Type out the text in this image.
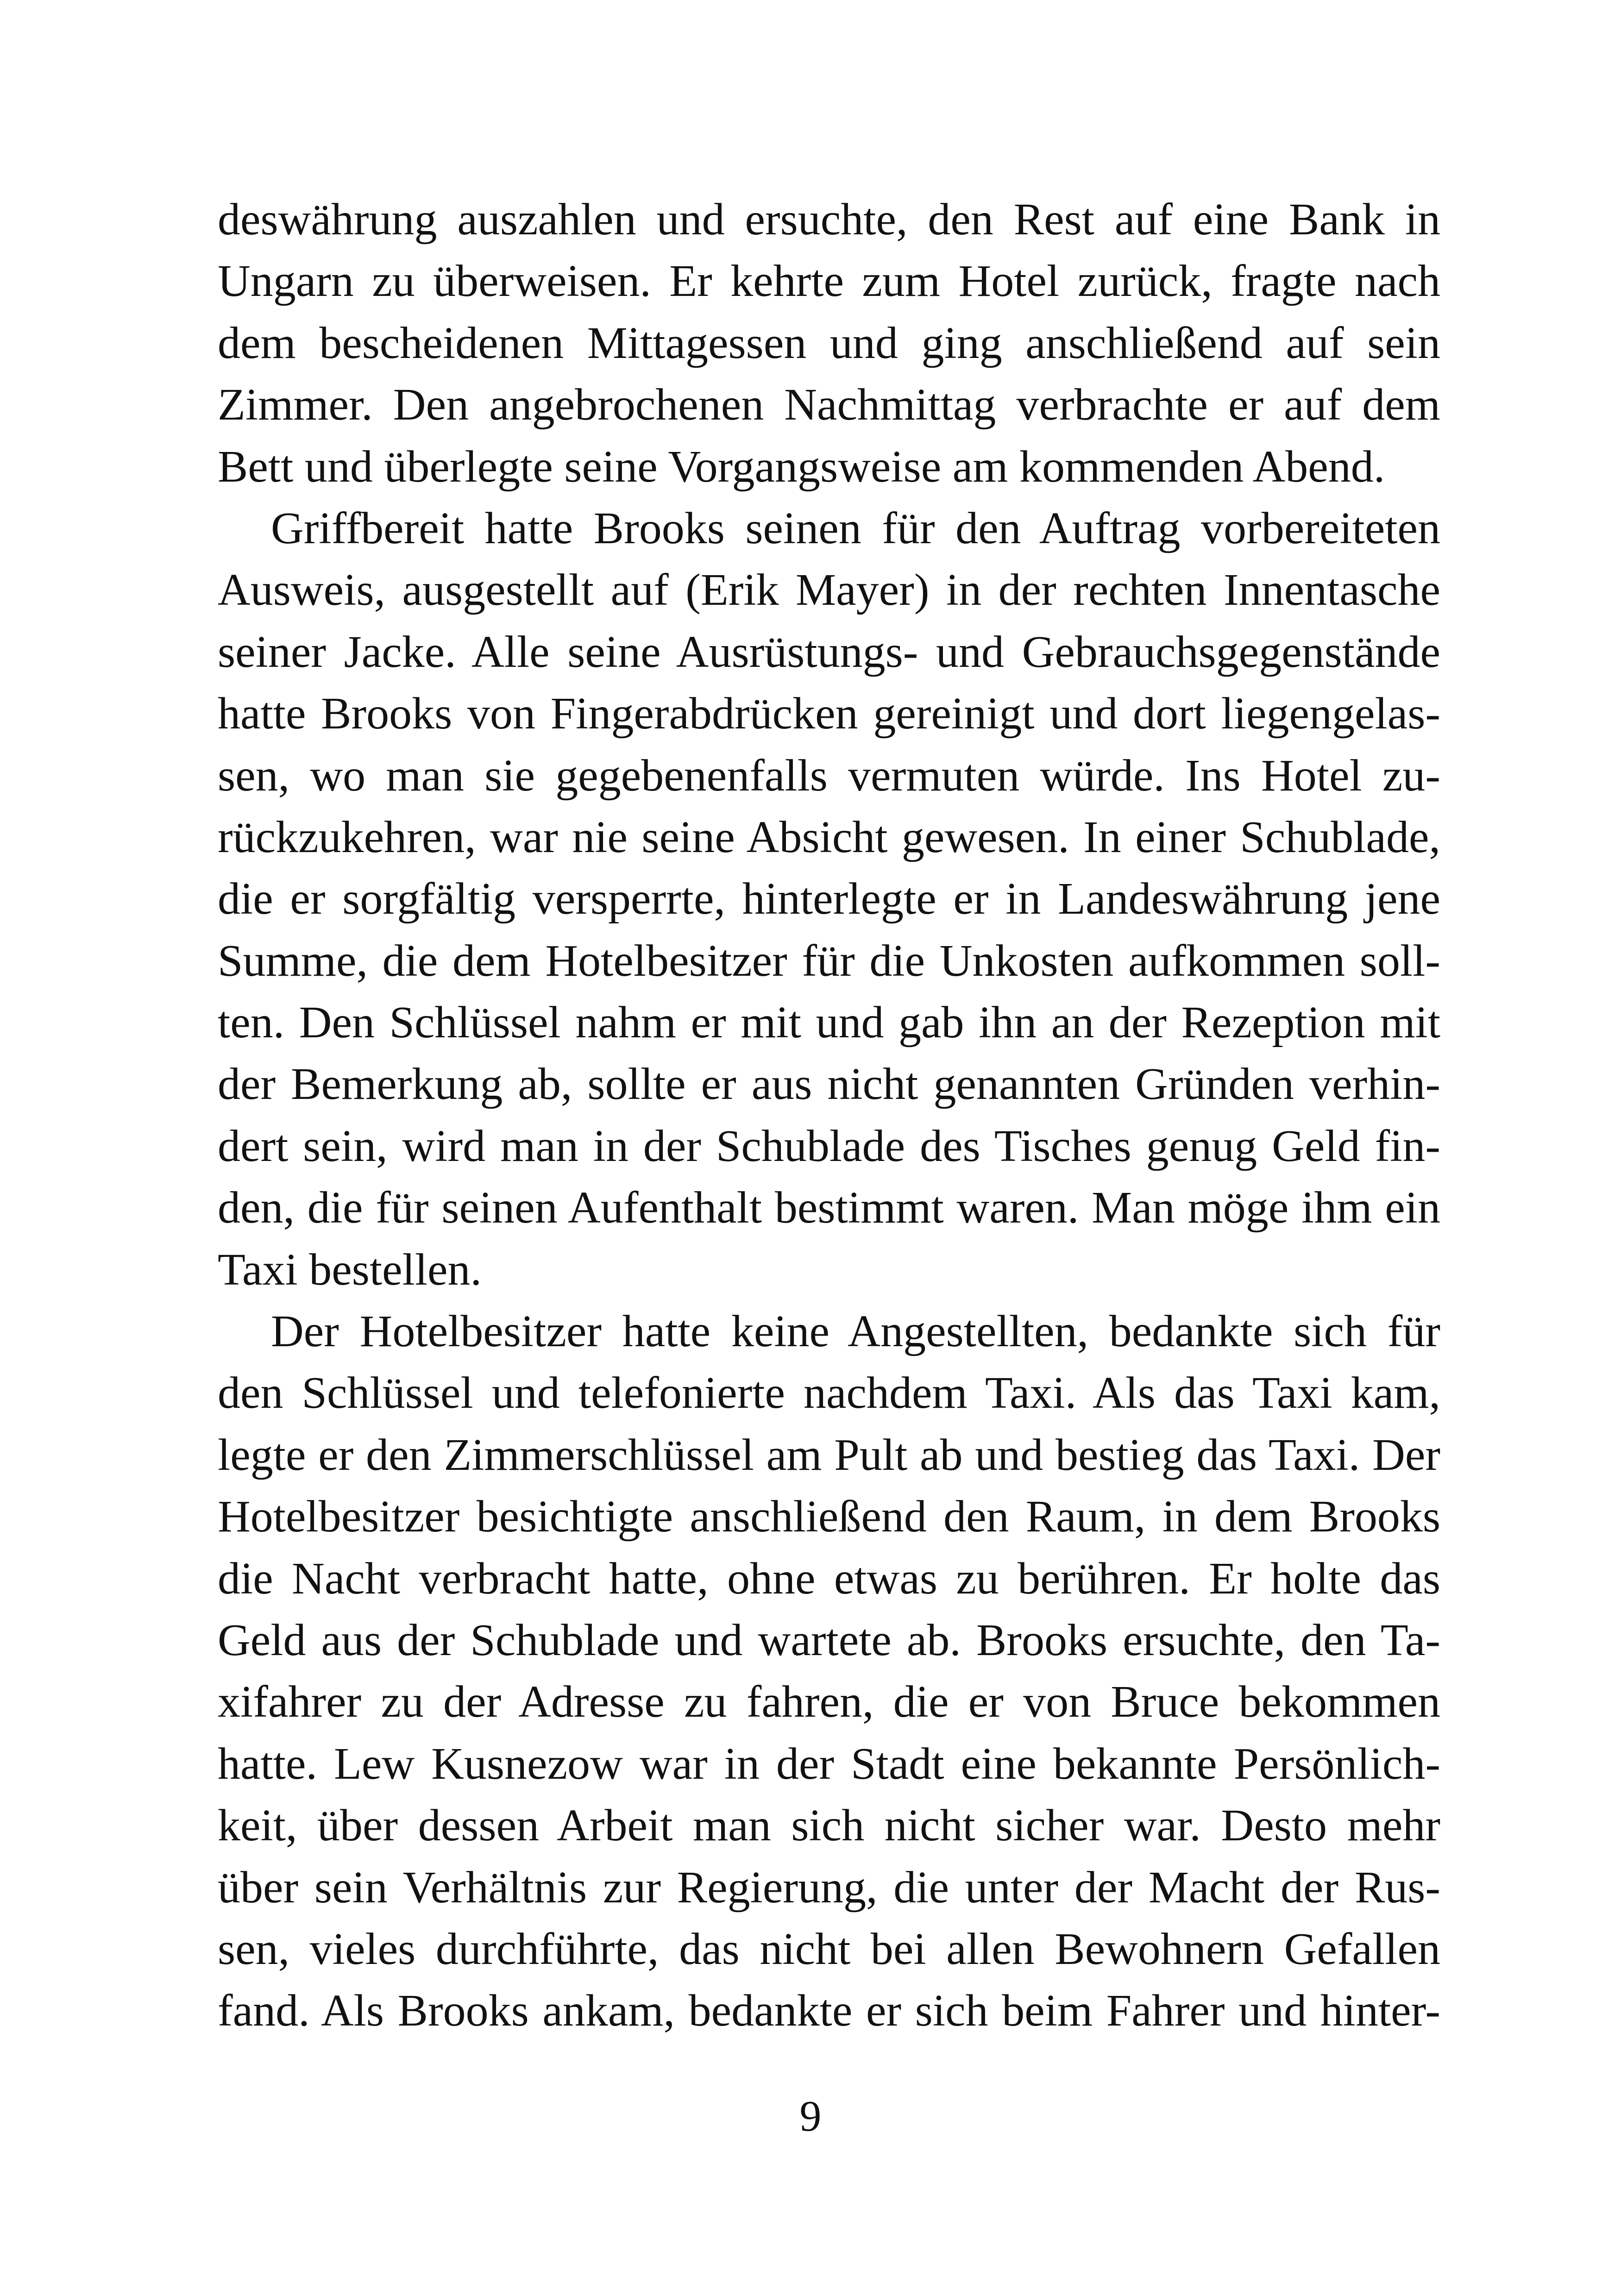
deswährung auszahlen und ersuchte, den Rest auf eine Bank in
Ungarn zu überweisen. Er kehrte zum Hotel zurück, fragte nach
dem bescheidenen Mittagessen und ging anschließend auf sein
Zimmer. Den angebrochenen Nachmittag verbrachte er auf dem
Bett und überlegte seine Vorgangsweise am kommenden Abend.
Griffbereit hatte Brooks seinen für den Auftrag vorbereiteten
Ausweis, ausgestellt auf (Erik Mayer) in der rechten Innentasche
seiner Jacke. Alle seine Ausrüstungs- und Gebrauchsgegenstände
hatte Brooks von Fingerabdrücken gereinigt und dort liegengelas-
sen, wo man sie gegebenenfalls vermuten würde. Ins Hotel zu-
rückzukehren, war nie seine Absicht gewesen. In einer Schublade,
die er sorgfältig versperrte, hinterlegte er in Landeswährung jene
Summe, die dem Hotelbesitzer für die Unkosten aufkommen soll-
ten. Den Schlüssel nahm er mit und gab ihn an der Rezeption mit
der Bemerkung ab, sollte er aus nicht genannten Gründen verhin-
dert sein, wird man in der Schublade des Tisches genug Geld fin-
den, die für seinen Aufenthalt bestimmt waren. Man möge ihm ein
Taxi bestellen.
Der Hotelbesitzer hatte keine Angestellten, bedankte sich für
den Schlüssel und telefonierte nachdem Taxi. Als das Taxi kam,
legte er den Zimmerschlüssel am Pult ab und bestieg das Taxi. Der
Hotelbesitzer besichtigte anschließend den Raum, in dem Brooks
die Nacht verbracht hatte, ohne etwas zu berühren. Er holte das
Geld aus der Schublade und wartete ab. Brooks ersuchte, den Ta-
xifahrer zu der Adresse zu fahren, die er von Bruce bekommen
hatte. Lew Kusnezow war in der Stadt eine bekannte Persönlich-
keit, über dessen Arbeit man sich nicht sicher war. Desto mehr
über sein Verhältnis zur Regierung, die unter der Macht der Rus-
sen, vieles durchführte, das nicht bei allen Bewohnern Gefallen
fand. Als Brooks ankam, bedankte er sich beim Fahrer und hinter-
9
